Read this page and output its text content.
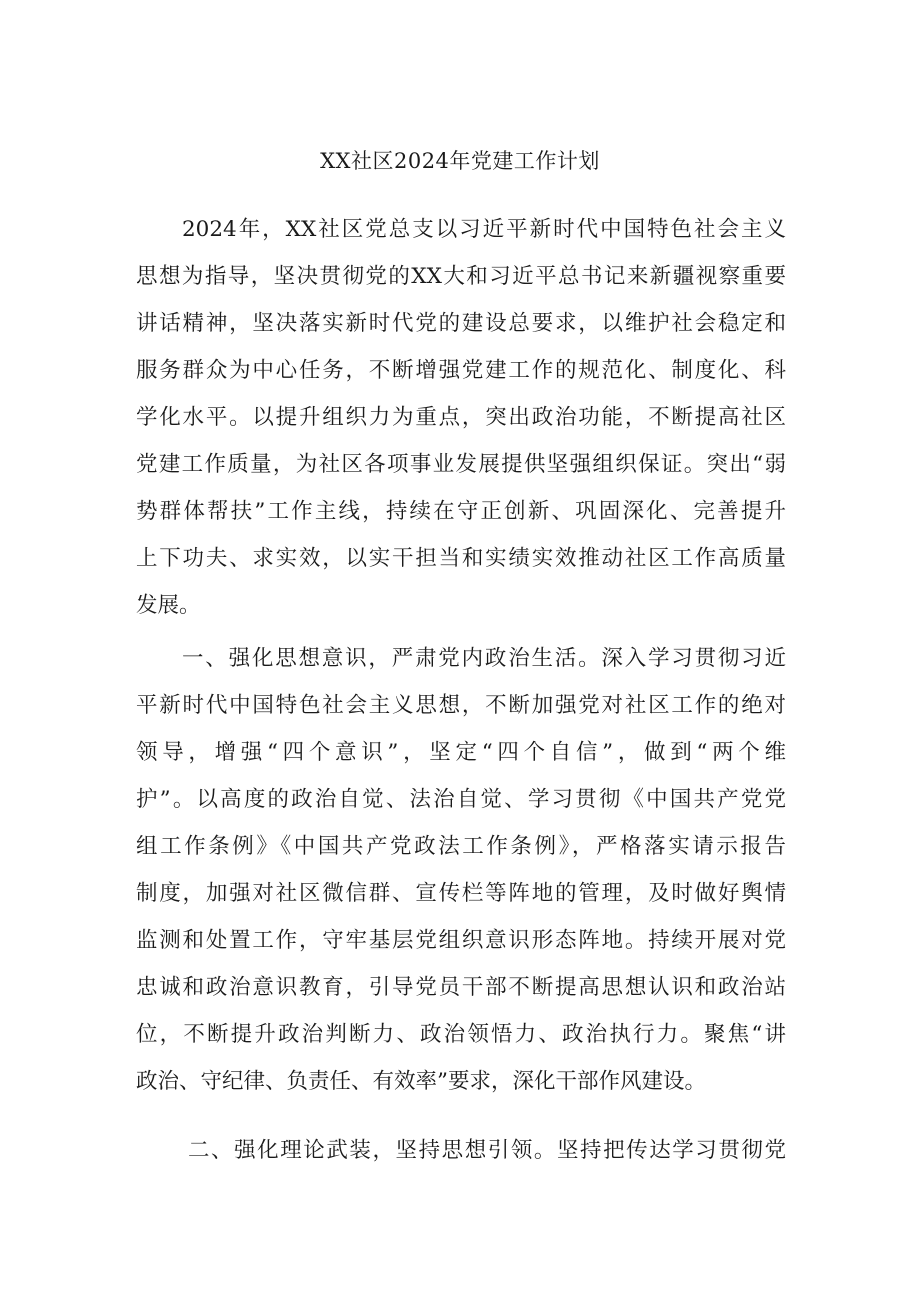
XX社区2024年党建工作计划
2024年，XX社区党总支以习近平新时代中国特色社会主义
思想为指导，坚决贯彻党的XX大和习近平总书记来新疆视察重要
讲话精神，坚决落实新时代党的建设总要求，以维护社会稳定和
服务群众为中心任务，不断增强党建工作的规范化、制度化、科
学化水平。以提升组织力为重点，突出政治功能，不断提高社区
党建工作质量，为社区各项事业发展提供坚强组织保证。突出“弱
势群体帮扶”工作主线，持续在守正创新、巩固深化、完善提升
上下功夫、求实效，以实干担当和实绩实效推动社区工作高质量
发展。
一、强化思想意识，严肃党内政治生活。深入学习贯彻习近
平新时代中国特色社会主义思想，不断加强党对社区工作的绝对
领导，增强“四个意识”，坚定“四个自信”，做到“两个维
护”。以高度的政治自觉、法治自觉、学习贯彻《中国共产党党
组工作条例》《中国共产党政法工作条例》，严格落实请示报告
制度，加强对社区微信群、宣传栏等阵地的管理，及时做好舆情
监测和处置工作，守牢基层党组织意识形态阵地。持续开展对党
忠诚和政治意识教育，引导党员干部不断提高思想认识和政治站
位，不断提升政治判断力、政治领悟力、政治执行力。聚焦“讲
政治、守纪律、负责任、有效率”要求，深化干部作风建设。
二、强化理论武装，坚持思想引领。坚持把传达学习贯彻党
